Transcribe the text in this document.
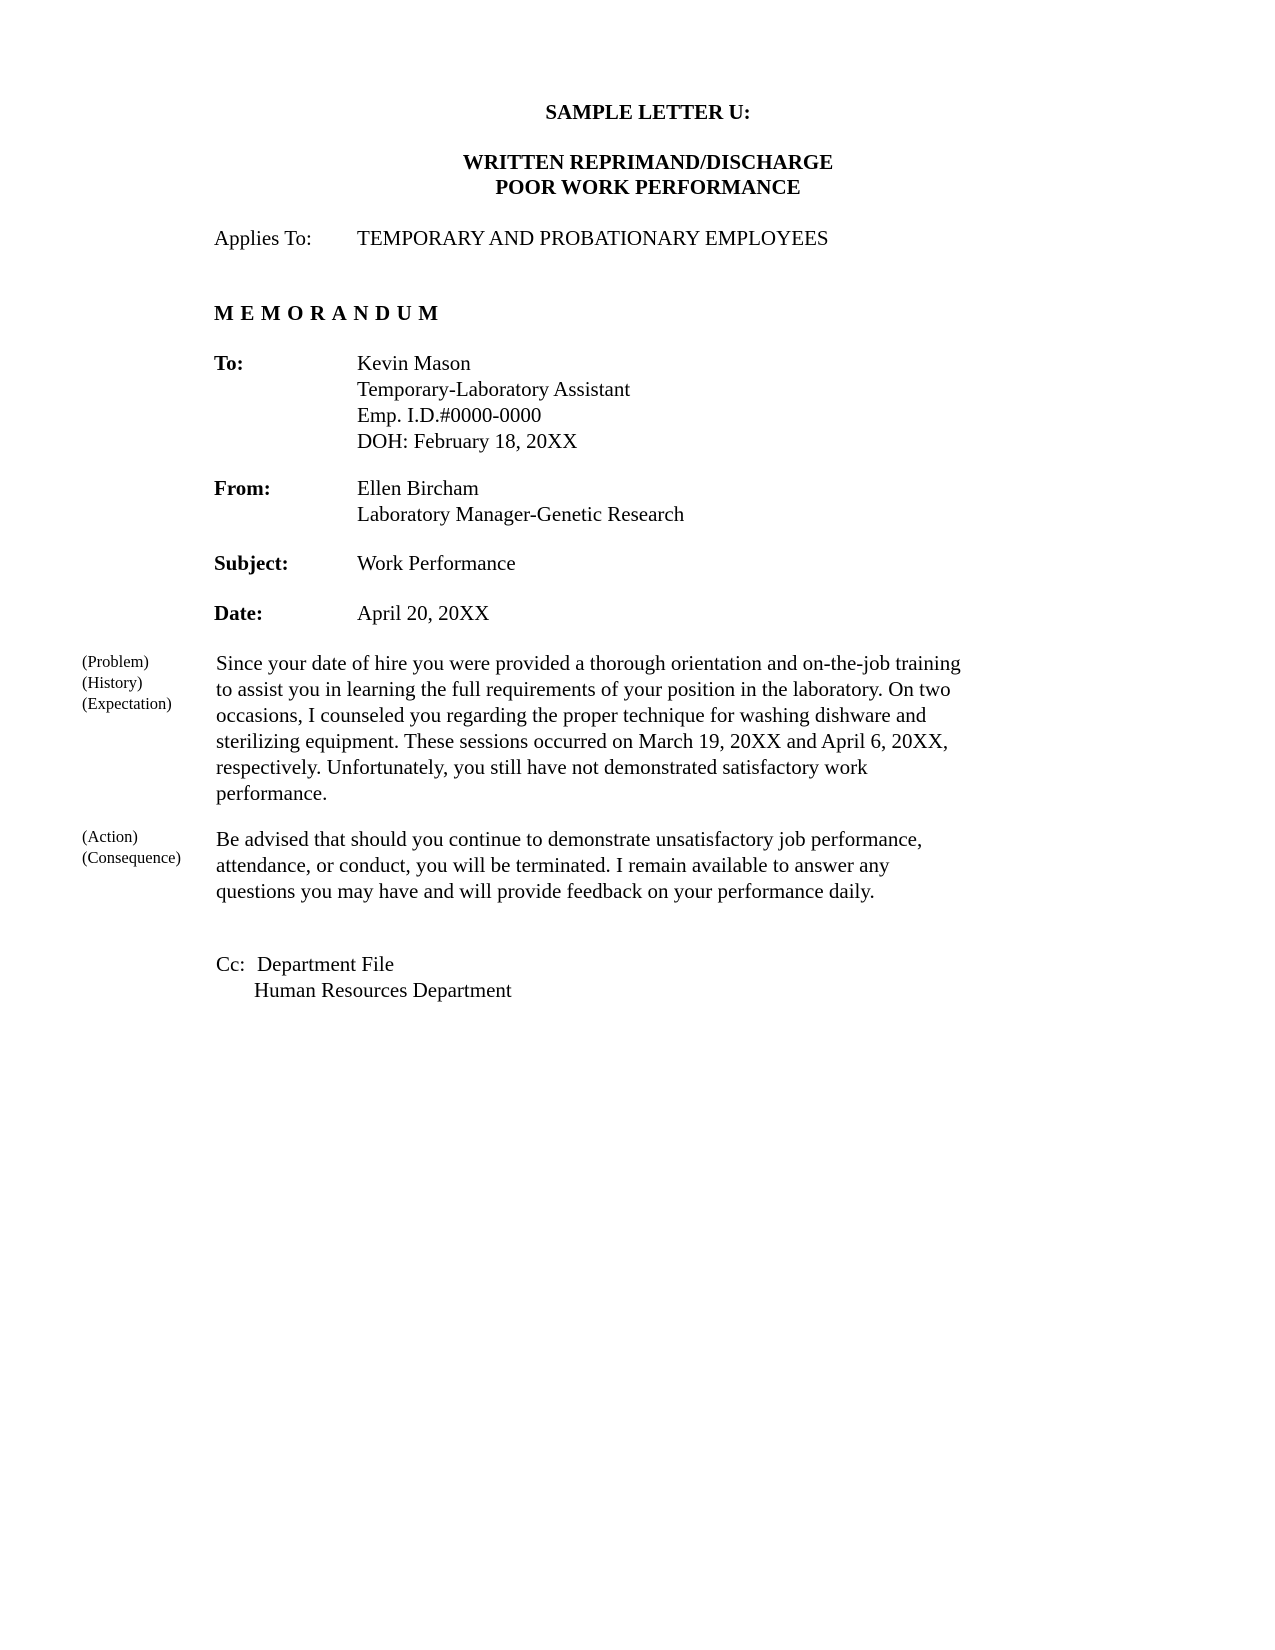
SAMPLE LETTER U:
WRITTEN REPRIMAND/DISCHARGE
POOR WORK PERFORMANCE
Applies To: TEMPORARY AND PROBATIONARY EMPLOYEES
MEMORANDUM
To:	Kevin Mason
Temporary-Laboratory Assistant
Emp. I.D.#0000-0000
DOH: February 18, 20XX
From:	Ellen Bircham
Laboratory Manager-Genetic Research
Subject:	Work Performance
Date:	April 20, 20XX
(Problem)
(History)
(Expectation)
Since your date of hire you were provided a thorough orientation and on-the-job training
to assist you in learning the full requirements of your position in the laboratory. On two
occasions, I counseled you regarding the proper technique for washing dishware and
sterilizing equipment. These sessions occurred on March 19, 20XX and April 6, 20XX,
respectively. Unfortunately, you still have not demonstrated satisfactory work
performance.
(Action)
(Consequence)
Be advised that should you continue to demonstrate unsatisfactory job performance,
attendance, or conduct, you will be terminated. I remain available to answer any
questions you may have and will provide feedback on your performance daily.
Cc: Department File
Human Resources Department
